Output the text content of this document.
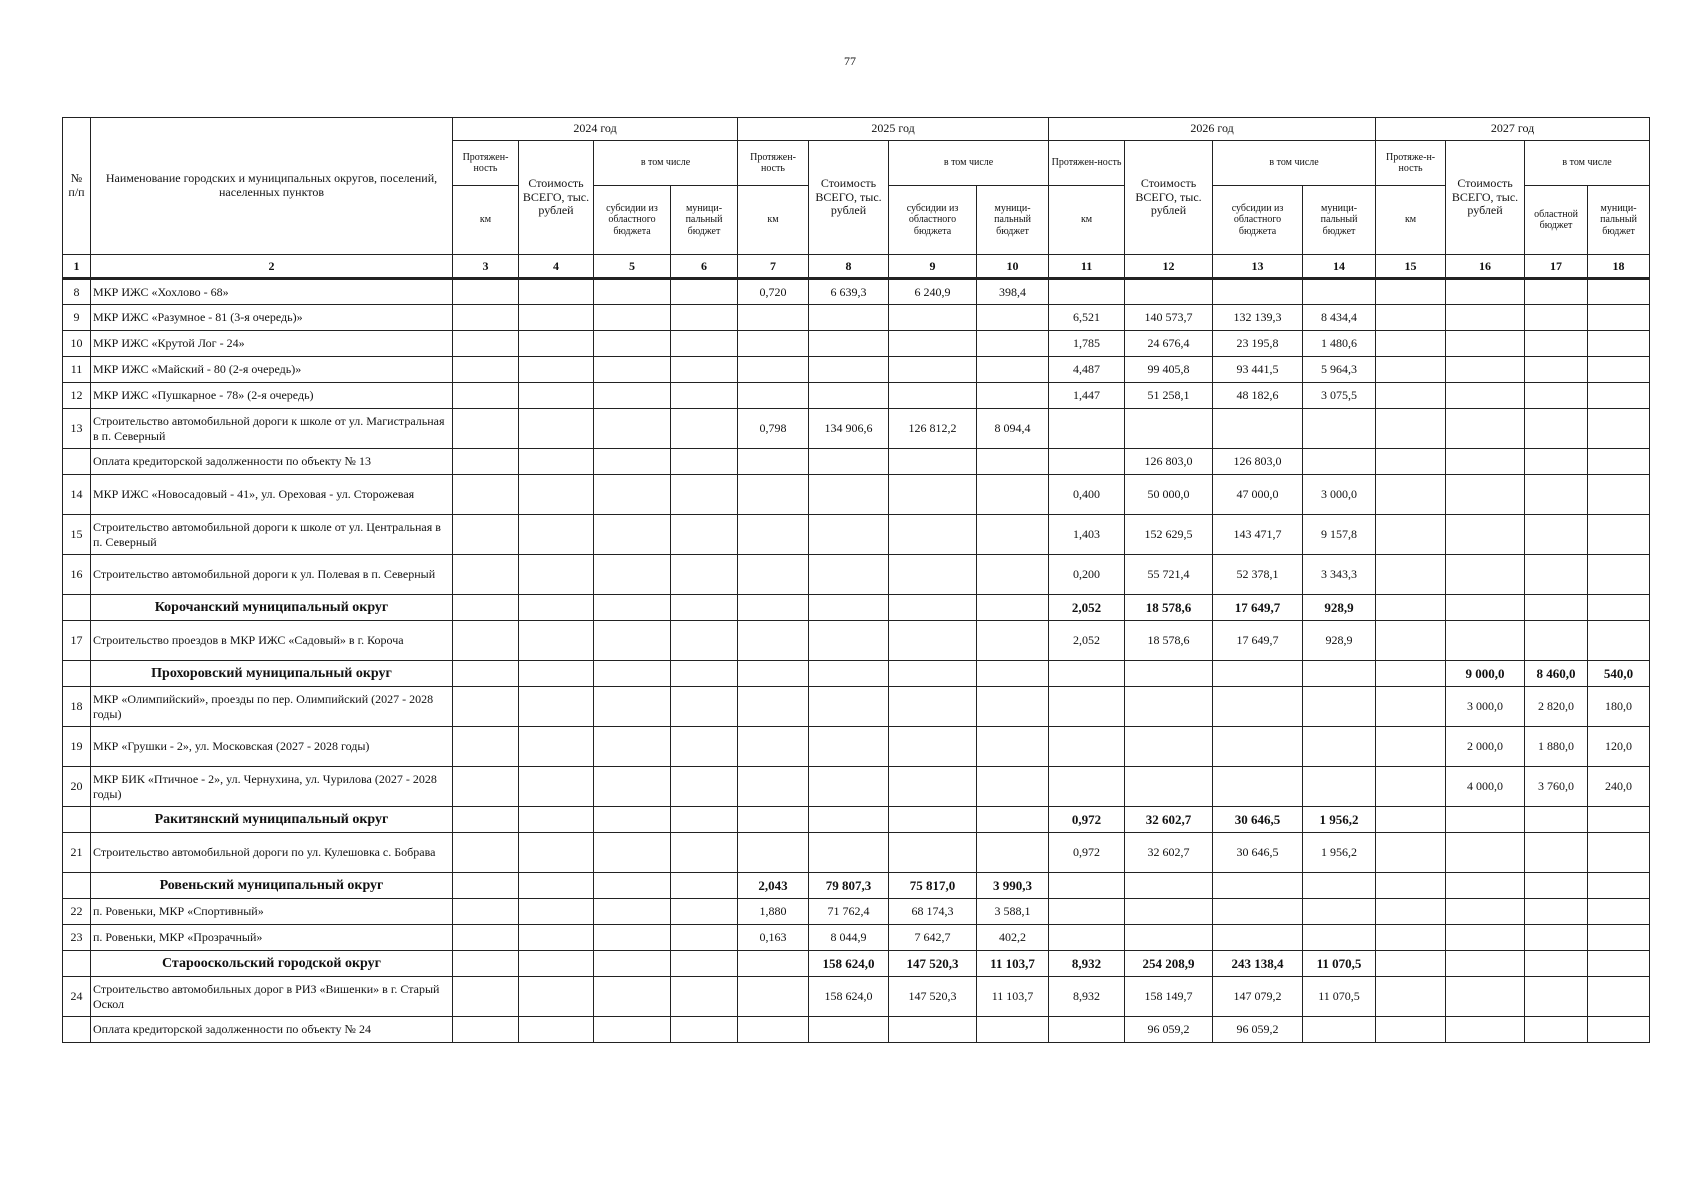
77
№ п/п	Наименование городских и муниципальных округов, поселений, населенных пунктов	2024 год				2025 год				2026 год				2027 год			
		Протяжен-ность	Стоимость ВСЕГО, тыс. рублей	в том числе		Протяжен-ность	Стоимость ВСЕГО, тыс. рублей	в том числе		Протяжен-ность	Стоимость ВСЕГО, тыс. рублей	в том числе		Протяже-н-ность	Стоимость ВСЕГО, тыс. рублей	в том числе	
		км		субсидии из областного бюджета	муници-пальный бюджет	км		субсидии из областного бюджета	муници-пальный бюджет	км		субсидии из областного бюджета	муници-пальный бюджет	км		областной бюджет	муници-пальный бюджет
1	2	3	4	5	6	7	8	9	10	11	12	13	14	15	16	17	18
8	МКР ИЖС «Хохлово - 68»					0,720	6 639,3	6 240,9	398,4								
9	МКР ИЖС «Разумное - 81 (3-я очередь)»									6,521	140 573,7	132 139,3	8 434,4				
10	МКР ИЖС «Крутой Лог - 24»									1,785	24 676,4	23 195,8	1 480,6				
11	МКР ИЖС «Майский - 80 (2-я очередь)»									4,487	99 405,8	93 441,5	5 964,3				
12	МКР ИЖС «Пушкарное - 78» (2-я очередь)									1,447	51 258,1	48 182,6	3 075,5				
13	Строительство автомобильной дороги к школе от ул. Магистральная в п. Северный					0,798	134 906,6	126 812,2	8 094,4								
	Оплата кредиторской задолженности по объекту № 13										126 803,0	126 803,0					
14	МКР ИЖС «Новосадовый - 41», ул. Ореховая - ул. Сторожевая									0,400	50 000,0	47 000,0	3 000,0				
15	Строительство автомобильной дороги к школе от ул. Центральная в п. Северный									1,403	152 629,5	143 471,7	9 157,8				
16	Строительство автомобильной дороги к ул. Полевая в п. Северный									0,200	55 721,4	52 378,1	3 343,3				
	Корочанский муниципальный округ									2,052	18 578,6	17 649,7	928,9				
17	Строительство проездов в МКР ИЖС «Садовый» в г. Короча									2,052	18 578,6	17 649,7	928,9				
	Прохоровский муниципальный округ														9 000,0	8 460,0	540,0
18	МКР «Олимпийский», проезды по пер. Олимпийский (2027 - 2028 годы)														3 000,0	2 820,0	180,0
19	МКР «Грушки - 2», ул. Московская (2027 - 2028 годы)														2 000,0	1 880,0	120,0
20	МКР БИК «Птичное - 2», ул. Чернухина, ул. Чурилова (2027 - 2028 годы)														4 000,0	3 760,0	240,0
	Ракитянский муниципальный округ									0,972	32 602,7	30 646,5	1 956,2				
21	Строительство автомобильной дороги по ул. Кулешовка с. Бобрава									0,972	32 602,7	30 646,5	1 956,2				
	Ровеньский муниципальный округ					2,043	79 807,3	75 817,0	3 990,3								
22	п. Ровеньки, МКР «Спортивный»					1,880	71 762,4	68 174,3	3 588,1								
23	п. Ровеньки, МКР «Прозрачный»					0,163	8 044,9	7 642,7	402,2								
	Старооскольский городской округ						158 624,0	147 520,3	11 103,7	8,932	254 208,9	243 138,4	11 070,5				
24	Строительство автомобильных дорог в РИЗ «Вишенки» в г. Старый Оскол						158 624,0	147 520,3	11 103,7	8,932	158 149,7	147 079,2	11 070,5				
	Оплата кредиторской задолженности по объекту № 24										96 059,2	96 059,2					
